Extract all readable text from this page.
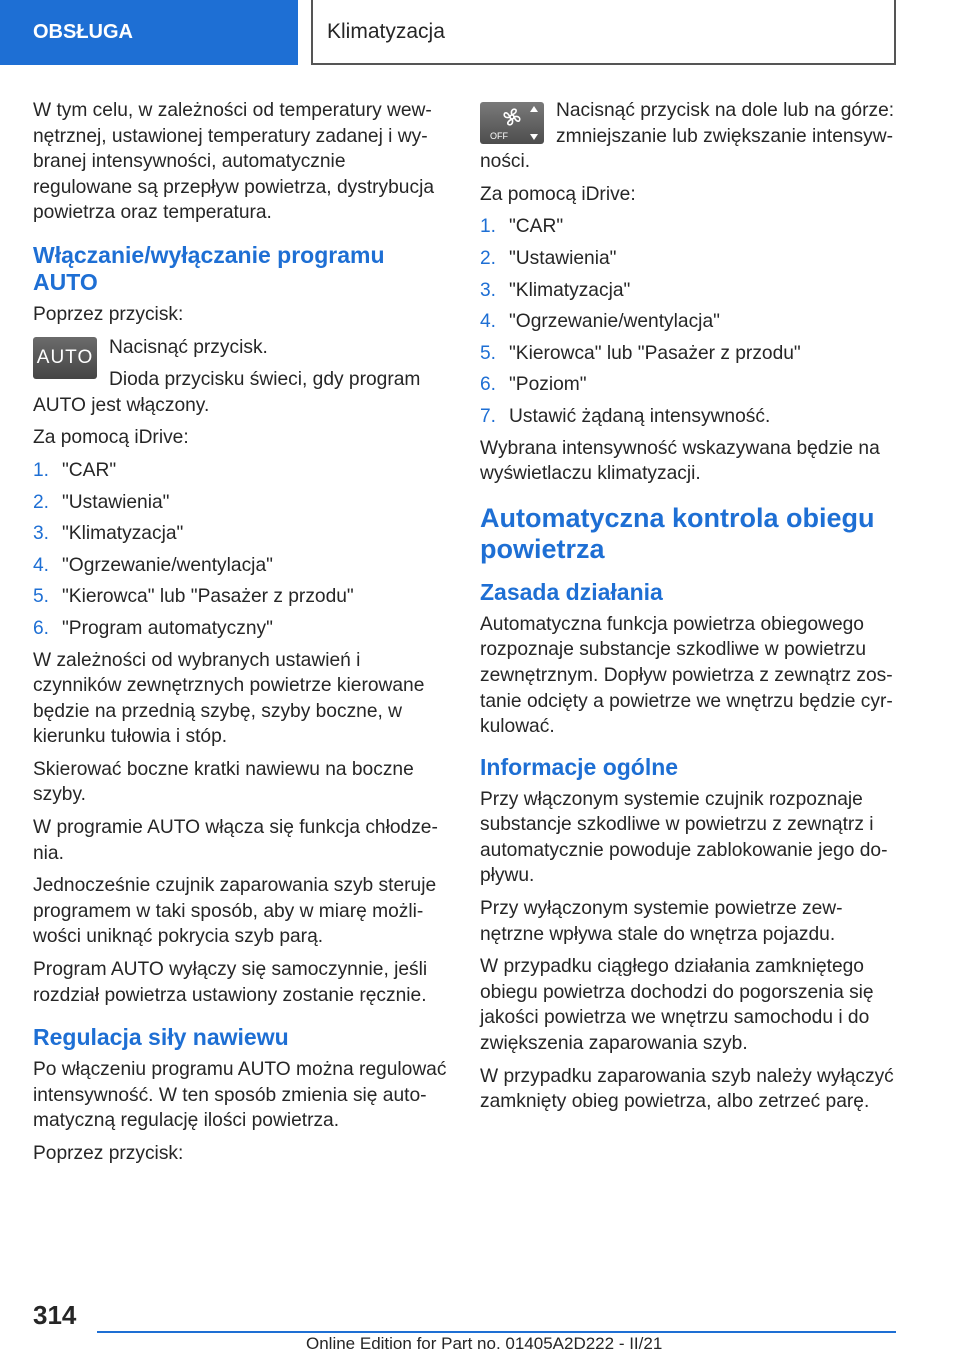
OBSŁUGA	Klimatyzacja

W tym celu, w zależności od temperatury wewnętrznej, ustawionej temperatury zadanej i wybranej intensywności, automatycznie regulowane są przepływ powietrza, dystrybucja powietrza oraz temperatura.

Włączanie/wyłączanie programu AUTO

Poprzez przycisk:

AUTO Nacisnąć przycisk.

Dioda przycisku świeci, gdy program AUTO jest włączony.

Za pomocą iDrive:

1. "CAR"
2. "Ustawienia"
3. "Klimatyzacja"
4. "Ogrzewanie/wentylacja"
5. "Kierowca" lub "Pasażer z przodu"
6. "Program automatyczny"

W zależności od wybranych ustawień i czynników zewnętrznych powietrze kierowane będzie na przednią szybę, szyby boczne, w kierunku tułowia i stóp.

Skierować boczne kratki nawiewu na boczne szyby.

W programie AUTO włącza się funkcja chłodzenia.

Jednocześnie czujnik zaparowania szyb steruje programem w taki sposób, aby w miarę możliwości uniknąć pokrycia szyb parą.

Program AUTO wyłączy się samoczynnie, jeśli rozdział powietrza ustawiony zostanie ręcznie.

Regulacja siły nawiewu

Po włączeniu programu AUTO można regulować intensywność. W ten sposób zmienia się automatyczną regulację ilości powietrza.

Poprzez przycisk:

OFF

Nacisnąć przycisk na dole lub na górze: zmniejszanie lub zwiększanie intensywności.

Za pomocą iDrive:

1. "CAR"
2. "Ustawienia"
3. "Klimatyzacja"
4. "Ogrzewanie/wentylacja"
5. "Kierowca" lub "Pasażer z przodu"
6. "Poziom"
7. Ustawić żądaną intensywność.

Wybrana intensywność wskazywana będzie na wyświetlaczu klimatyzacji.

Automatyczna kontrola obiegu powietrza
Zasada działania

Automatyczna funkcja powietrza obiegowego rozpoznaje substancje szkodliwe w powietrzu zewnętrznym. Dopływ powietrza z zewnątrz zostanie odcięty a powietrze we wnętrzu będzie cyrkulować.

Informacje ogólne

Przy włączonym systemie czujnik rozpoznaje substancje szkodliwe w powietrzu z zewnątrz i automatycznie powoduje zablokowanie jego dopływu.

Przy wyłączonym systemie powietrze zewnętrzne wpływa stale do wnętrza pojazdu.

W przypadku ciągłego działania zamkniętego obiegu powietrza dochodzi do pogorszenia się jakości powietrza we wnętrzu samochodu i do zwiększenia zaparowania szyb.

W przypadku zaparowania szyb należy wyłączyć zamknięty obieg powietrza, albo zetrzeć parę.

314
Online Edition for Part no. 01405A2D222 - II/21
